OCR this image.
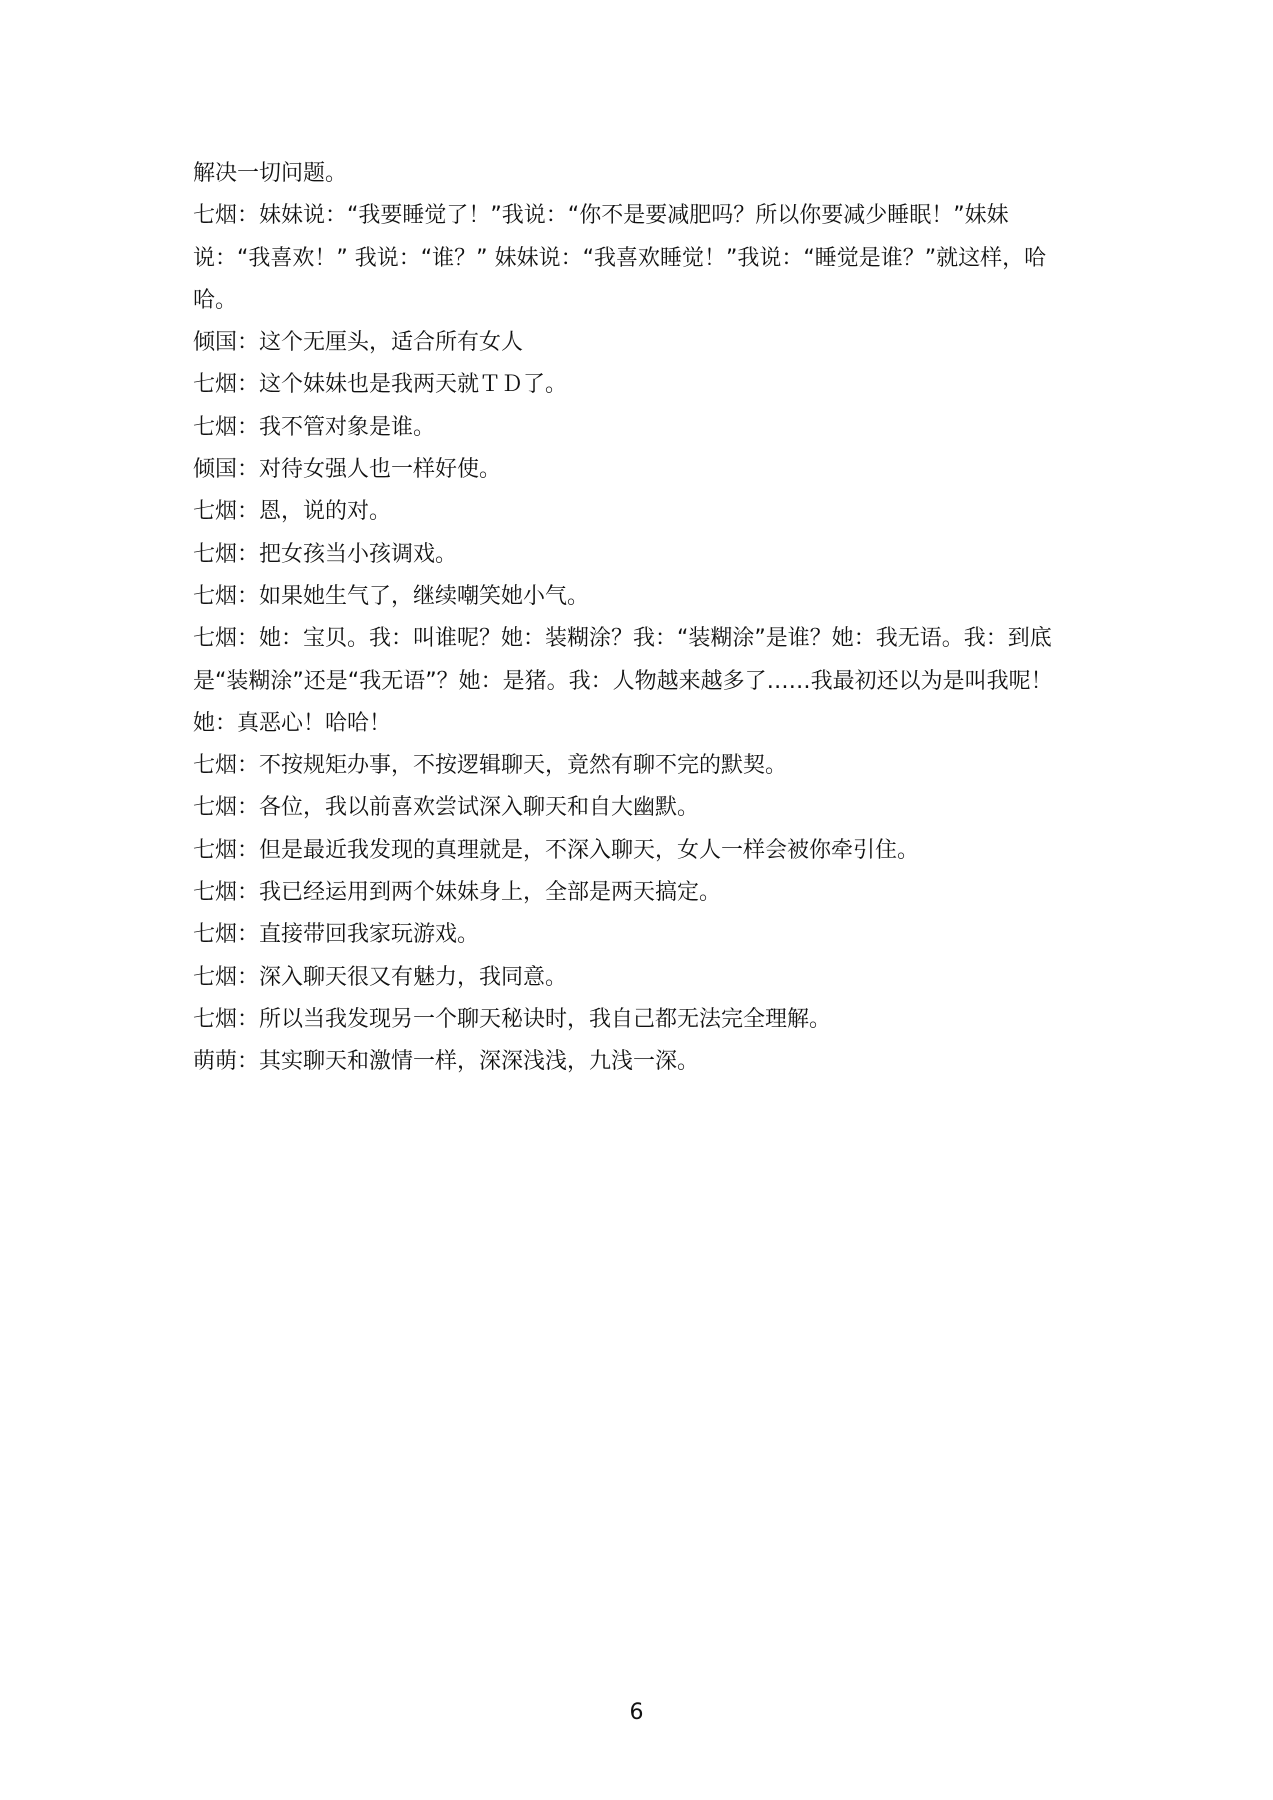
解决一切问题。

七烟：妹妹说：“我要睡觉了！”我说：“你不是要减肥吗？所以你要减少睡眠！”妹妹说：“我喜欢！” 我说：“谁？” 妹妹说：“我喜欢睡觉！”我说：“睡觉是谁？”就这样，哈哈。

倾国：这个无厘头，适合所有女人

七烟：这个妹妹也是我两天就ＴＤ了。

七烟：我不管对象是谁。

倾国：对待女强人也一样好使。

七烟：恩，说的对。

七烟：把女孩当小孩调戏。

七烟：如果她生气了，继续嘲笑她小气。

七烟：她：宝贝。我：叫谁呢？她：装糊涂？我：“装糊涂”是谁？她：我无语。我：到底是“装糊涂”还是“我无语”？她：是猪。我：人物越来越多了……我最初还以为是叫我呢！她：真恶心！哈哈！

七烟：不按规矩办事，不按逻辑聊天，竟然有聊不完的默契。

七烟：各位，我以前喜欢尝试深入聊天和自大幽默。

七烟：但是最近我发现的真理就是，不深入聊天，女人一样会被你牵引住。

七烟：我已经运用到两个妹妹身上，全部是两天搞定。

七烟：直接带回我家玩游戏。

七烟：深入聊天很又有魅力，我同意。

七烟：所以当我发现另一个聊天秘诀时，我自己都无法完全理解。

萌萌：其实聊天和激情一样，深深浅浅，九浅一深。

6
